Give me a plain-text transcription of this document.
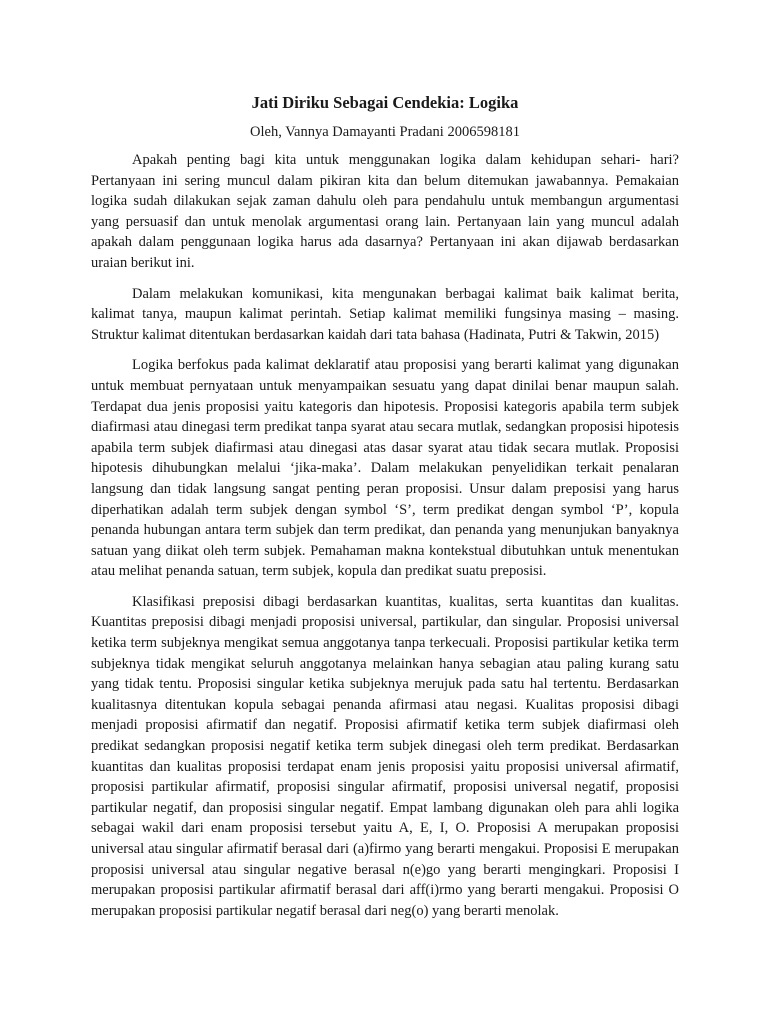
Jati Diriku Sebagai Cendekia: Logika

Oleh, Vannya Damayanti Pradani 2006598181

Apakah penting bagi kita untuk menggunakan logika dalam kehidupan sehari- hari? Pertanyaan ini sering muncul dalam pikiran kita dan belum ditemukan jawabannya. Pemakaian logika sudah dilakukan sejak zaman dahulu oleh para pendahulu untuk membangun argumentasi yang persuasif dan untuk menolak argumentasi orang lain. Pertanyaan lain yang muncul adalah apakah dalam penggunaan logika harus ada dasarnya? Pertanyaan ini akan dijawab berdasarkan uraian berikut ini.

Dalam melakukan komunikasi, kita mengunakan berbagai kalimat baik kalimat berita, kalimat tanya, maupun kalimat perintah. Setiap kalimat memiliki fungsinya masing – masing. Struktur kalimat ditentukan berdasarkan kaidah dari tata bahasa (Hadinata, Putri & Takwin, 2015)

Logika berfokus pada kalimat deklaratif atau proposisi yang berarti kalimat yang digunakan untuk membuat pernyataan untuk menyampaikan sesuatu yang dapat dinilai benar maupun salah. Terdapat dua jenis proposisi yaitu kategoris dan hipotesis. Proposisi kategoris apabila term subjek diafirmasi atau dinegasi term predikat tanpa syarat atau secara mutlak, sedangkan proposisi hipotesis apabila term subjek diafirmasi atau dinegasi atas dasar syarat atau tidak secara mutlak. Proposisi hipotesis dihubungkan melalui ‘jika-maka’. Dalam melakukan penyelidikan terkait penalaran langsung dan tidak langsung sangat penting peran proposisi. Unsur dalam preposisi yang harus diperhatikan adalah term subjek dengan symbol ‘S’, term predikat dengan symbol ‘P’, kopula penanda hubungan antara term subjek dan term predikat, dan penanda yang menunjukan banyaknya satuan yang diikat oleh term subjek. Pemahaman makna kontekstual dibutuhkan untuk menentukan atau melihat penanda satuan, term subjek, kopula dan predikat suatu preposisi.

Klasifikasi preposisi dibagi berdasarkan kuantitas, kualitas, serta kuantitas dan kualitas. Kuantitas preposisi dibagi menjadi proposisi universal, partikular, dan singular. Proposisi universal ketika term subjeknya mengikat semua anggotanya tanpa terkecuali. Proposisi partikular ketika term subjeknya tidak mengikat seluruh anggotanya melainkan hanya sebagian atau paling kurang satu yang tidak tentu. Proposisi singular ketika subjeknya merujuk pada satu hal tertentu. Berdasarkan kualitasnya ditentukan kopula sebagai penanda afirmasi atau negasi. Kualitas proposisi dibagi menjadi proposisi afirmatif dan negatif. Proposisi afirmatif ketika term subjek diafirmasi oleh predikat sedangkan proposisi negatif ketika term subjek dinegasi oleh term predikat. Berdasarkan kuantitas dan kualitas proposisi terdapat enam jenis proposisi yaitu proposisi universal afirmatif, proposisi partikular afirmatif, proposisi singular afirmatif, proposisi universal negatif, proposisi partikular negatif, dan proposisi singular negatif. Empat lambang digunakan oleh para ahli logika sebagai wakil dari enam proposisi tersebut yaitu A, E, I, O. Proposisi A merupakan proposisi universal atau singular afirmatif berasal dari (a)firmo yang berarti mengakui. Proposisi E merupakan proposisi universal atau singular negative berasal n(e)go yang berarti mengingkari. Proposisi I merupakan proposisi partikular afirmatif berasal dari aff(i)rmo yang berarti mengakui. Proposisi O merupakan proposisi partikular negatif berasal dari neg(o) yang berarti menolak.
